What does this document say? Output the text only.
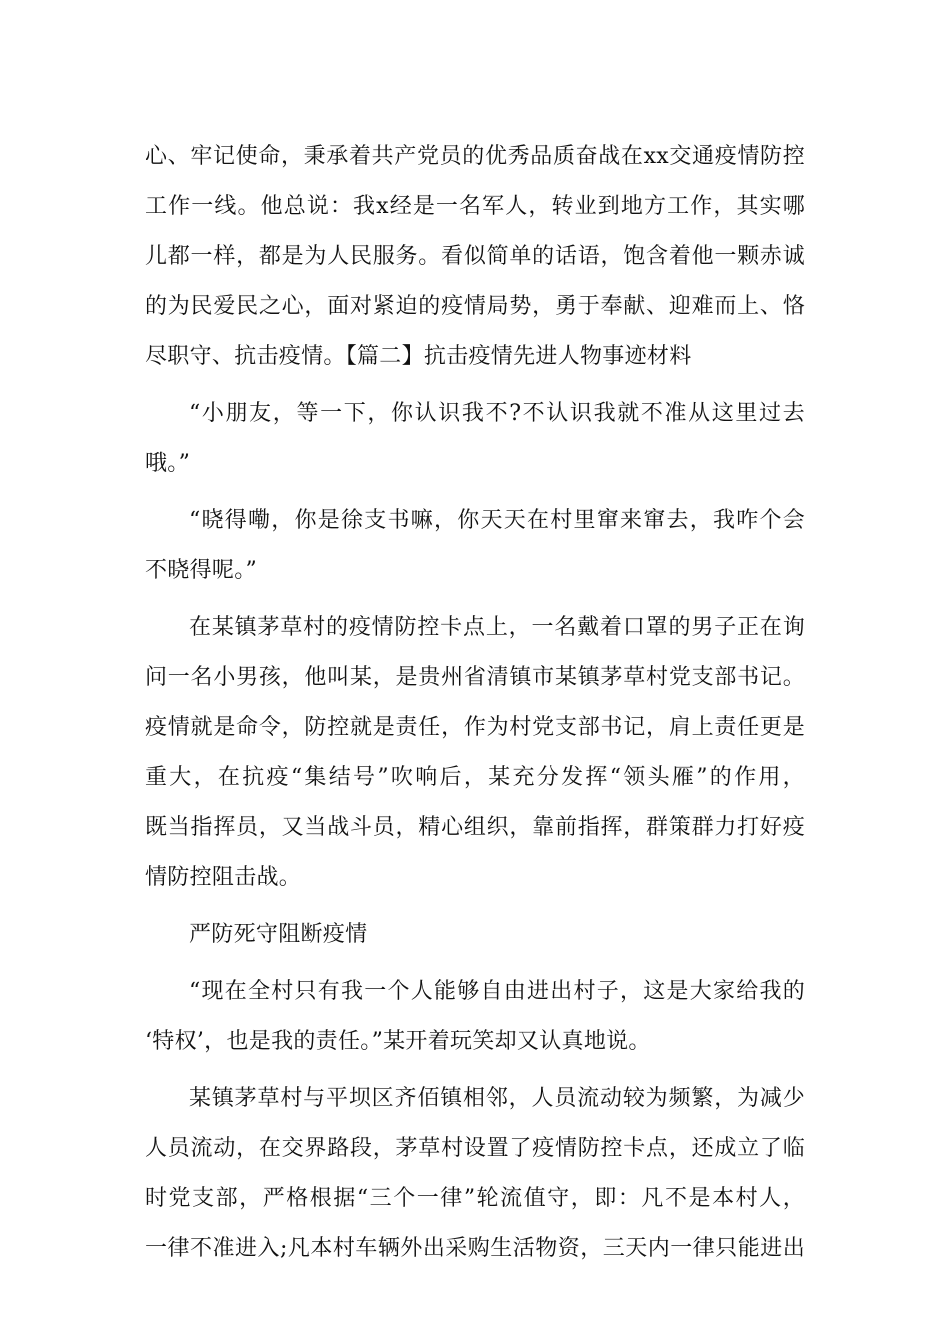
心、牢记使命，秉承着共产党员的优秀品质奋战在xx交通疫情防控
工作一线。他总说：我x经是一名军人，转业到地方工作，其实哪
儿都一样，都是为人民服务。看似简单的话语，饱含着他一颗赤诚
的为民爱民之心，面对紧迫的疫情局势，勇于奉献、迎难而上、恪
尽职守、抗击疫情。【篇二】抗击疫情先进人物事迹材料
“小朋友，等一下，你认识我不?不认识我就不准从这里过去
哦。”
“晓得嘞，你是徐支书嘛，你天天在村里窜来窜去，我咋个会
不晓得呢。”
在某镇茅草村的疫情防控卡点上，一名戴着口罩的男子正在询
问一名小男孩，他叫某，是贵州省清镇市某镇茅草村党支部书记。
疫情就是命令，防控就是责任，作为村党支部书记，肩上责任更是
重大，在抗疫“集结号”吹响后，某充分发挥“领头雁”的作用，
既当指挥员，又当战斗员，精心组织，靠前指挥，群策群力打好疫
情防控阻击战。
严防死守阻断疫情
“现在全村只有我一个人能够自由进出村子，这是大家给我的
‘特权’，也是我的责任。”某开着玩笑却又认真地说。
某镇茅草村与平坝区齐佰镇相邻，人员流动较为频繁，为减少
人员流动，在交界路段，茅草村设置了疫情防控卡点，还成立了临
时党支部，严格根据“三个一律”轮流值守，即：凡不是本村人，
一律不准进入;凡本村车辆外出采购生活物资，三天内一律只能进出
